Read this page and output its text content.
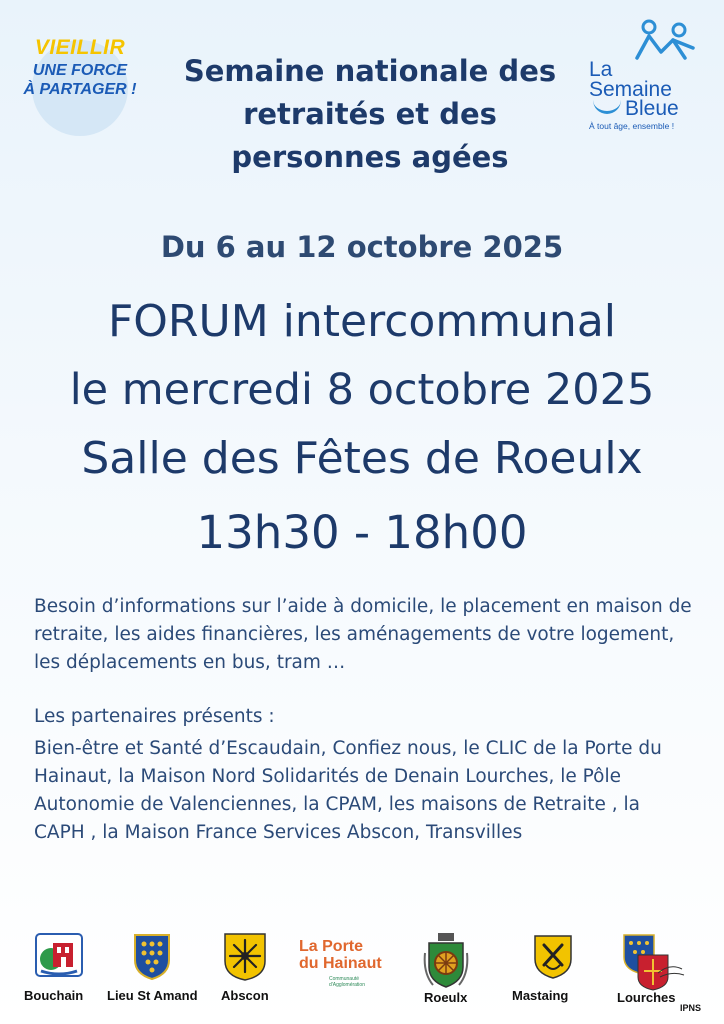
VIEILLIR
UNE FORCE
À PARTAGER !
Semaine nationale des
retraités et des
personnes agées
La
Semaine
Bleue
À tout âge, ensemble !
Du 6 au 12 octobre 2025
FORUM intercommunal
le mercredi 8 octobre 2025
Salle des Fêtes de Roeulx
13h30 - 18h00
Besoin d’informations sur l’aide à domicile, le placement en maison de retraite, les aides financières, les aménagements de votre logement, les déplacements en bus, tram …
Les partenaires présents :
Bien-être et Santé d’Escaudain, Confiez nous, le CLIC de la Porte du Hainaut, la Maison Nord Solidarités de Denain Lourches, le Pôle Autonomie de Valenciennes, la CPAM, les maisons de Retraite , la CAPH , la Maison France Services Abscon, Transvilles
Bouchain Lieu St Amand Abscon
La Porte
du Hainaut
Communauté d'Agglomération
Roeulx	Mastaing	Lourches
IPNS
